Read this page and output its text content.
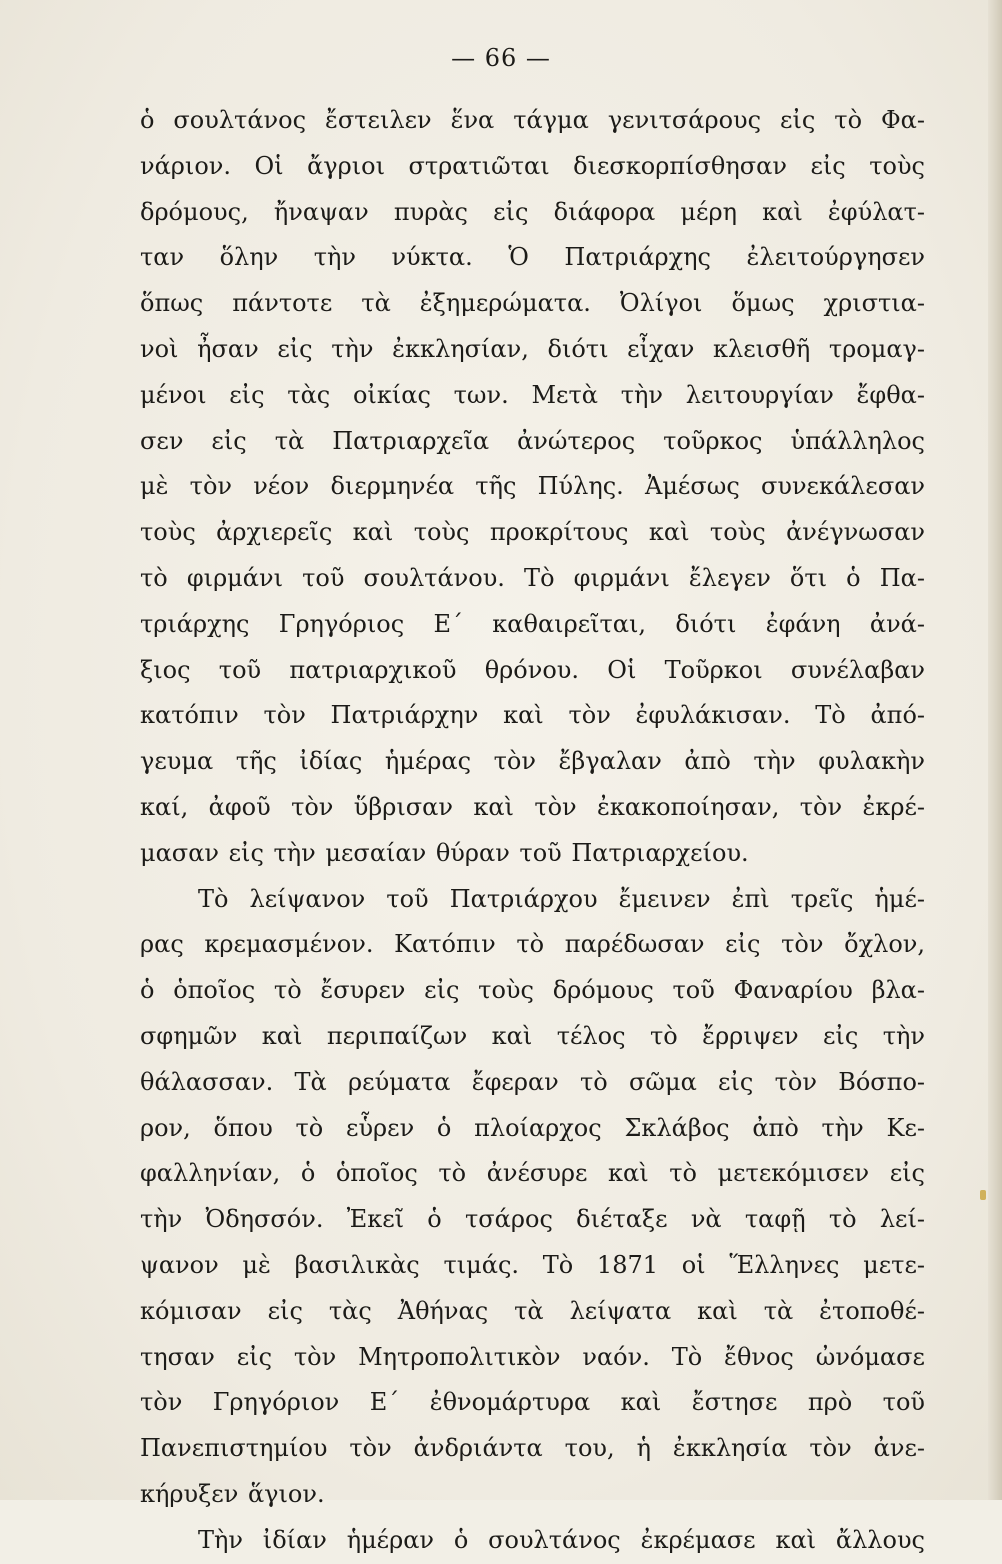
— 66 —
ὁ σουλτάνος ἔστειλεν ἕνα τάγμα γενιτσάρους εἰς τὸ Φα-
νάριον. Οἱ ἄγριοι στρατιῶται διεσκορπίσθησαν εἰς τοὺς
δρόμους, ἤναψαν πυρὰς εἰς διάφορα μέρη καὶ ἐφύλατ-
ταν ὅλην τὴν νύκτα. Ὁ Πατριάρχης ἐλειτούργησεν
ὅπως πάντοτε τὰ ἐξημερώματα. Ὀλίγοι ὅμως χριστια-
νοὶ ἦσαν εἰς τὴν ἐκκλησίαν, διότι εἶχαν κλεισθῆ τρομαγ-
μένοι εἰς τὰς οἰκίας των. Μετὰ τὴν λειτουργίαν ἔφθα-
σεν εἰς τὰ Πατριαρχεῖα ἀνώτερος τοῦρκος ὑπάλληλος
μὲ τὸν νέον διερμηνέα τῆς Πύλης. Ἀμέσως συνεκάλεσαν
τοὺς ἀρχιερεῖς καὶ τοὺς προκρίτους καὶ τοὺς ἀνέγνωσαν
τὸ φιρμάνι τοῦ σουλτάνου. Τὸ φιρμάνι ἔλεγεν ὅτι ὁ Πα-
τριάρχης Γρηγόριος Ε΄ καθαιρεῖται, διότι ἐφάνη ἀνά-
ξιος τοῦ πατριαρχικοῦ θρόνου. Οἱ Τοῦρκοι συνέλαβαν
κατόπιν τὸν Πατριάρχην καὶ τὸν ἐφυλάκισαν. Τὸ ἀπό-
γευμα τῆς ἰδίας ἡμέρας τὸν ἔβγαλαν ἀπὸ τὴν φυλακὴν
καί, ἀφοῦ τὸν ὕβρισαν καὶ τὸν ἐκακοποίησαν, τὸν ἐκρέ-
μασαν εἰς τὴν μεσαίαν θύραν τοῦ Πατριαρχείου.
Τὸ λείψανον τοῦ Πατριάρχου ἔμεινεν ἐπὶ τρεῖς ἡμέ-
ρας κρεμασμένον. Κατόπιν τὸ παρέδωσαν εἰς τὸν ὄχλον,
ὁ ὁποῖος τὸ ἔσυρεν εἰς τοὺς δρόμους τοῦ Φαναρίου βλα-
σφημῶν καὶ περιπαίζων καὶ τέλος τὸ ἔρριψεν εἰς τὴν
θάλασσαν. Τὰ ρεύματα ἔφεραν τὸ σῶμα εἰς τὸν Βόσπο-
ρον, ὅπου τὸ εὗρεν ὁ πλοίαρχος Σκλάβος ἀπὸ τὴν Κε-
φαλληνίαν, ὁ ὁποῖος τὸ ἀνέσυρε καὶ τὸ μετεκόμισεν εἰς
τὴν Ὀδησσόν. Ἐκεῖ ὁ τσάρος διέταξε νὰ ταφῇ τὸ λεί-
ψανον μὲ βασιλικὰς τιμάς. Τὸ 1871 οἱ Ἕλληνες μετε-
κόμισαν εἰς τὰς Ἀθήνας τὰ λείψατα καὶ τὰ ἐτοποθέ-
τησαν εἰς τὸν Μητροπολιτικὸν ναόν. Τὸ ἔθνος ὠνόμασε
τὸν Γρηγόριον Ε΄ ἐθνομάρτυρα καὶ ἔστησε πρὸ τοῦ
Πανεπιστημίου τὸν ἀνδριάντα του, ἡ ἐκκλησία τὸν ἀνε-
κήρυξεν ἅγιον.
Τὴν ἰδίαν ἡμέραν ὁ σουλτάνος ἐκρέμασε καὶ ἄλλους
